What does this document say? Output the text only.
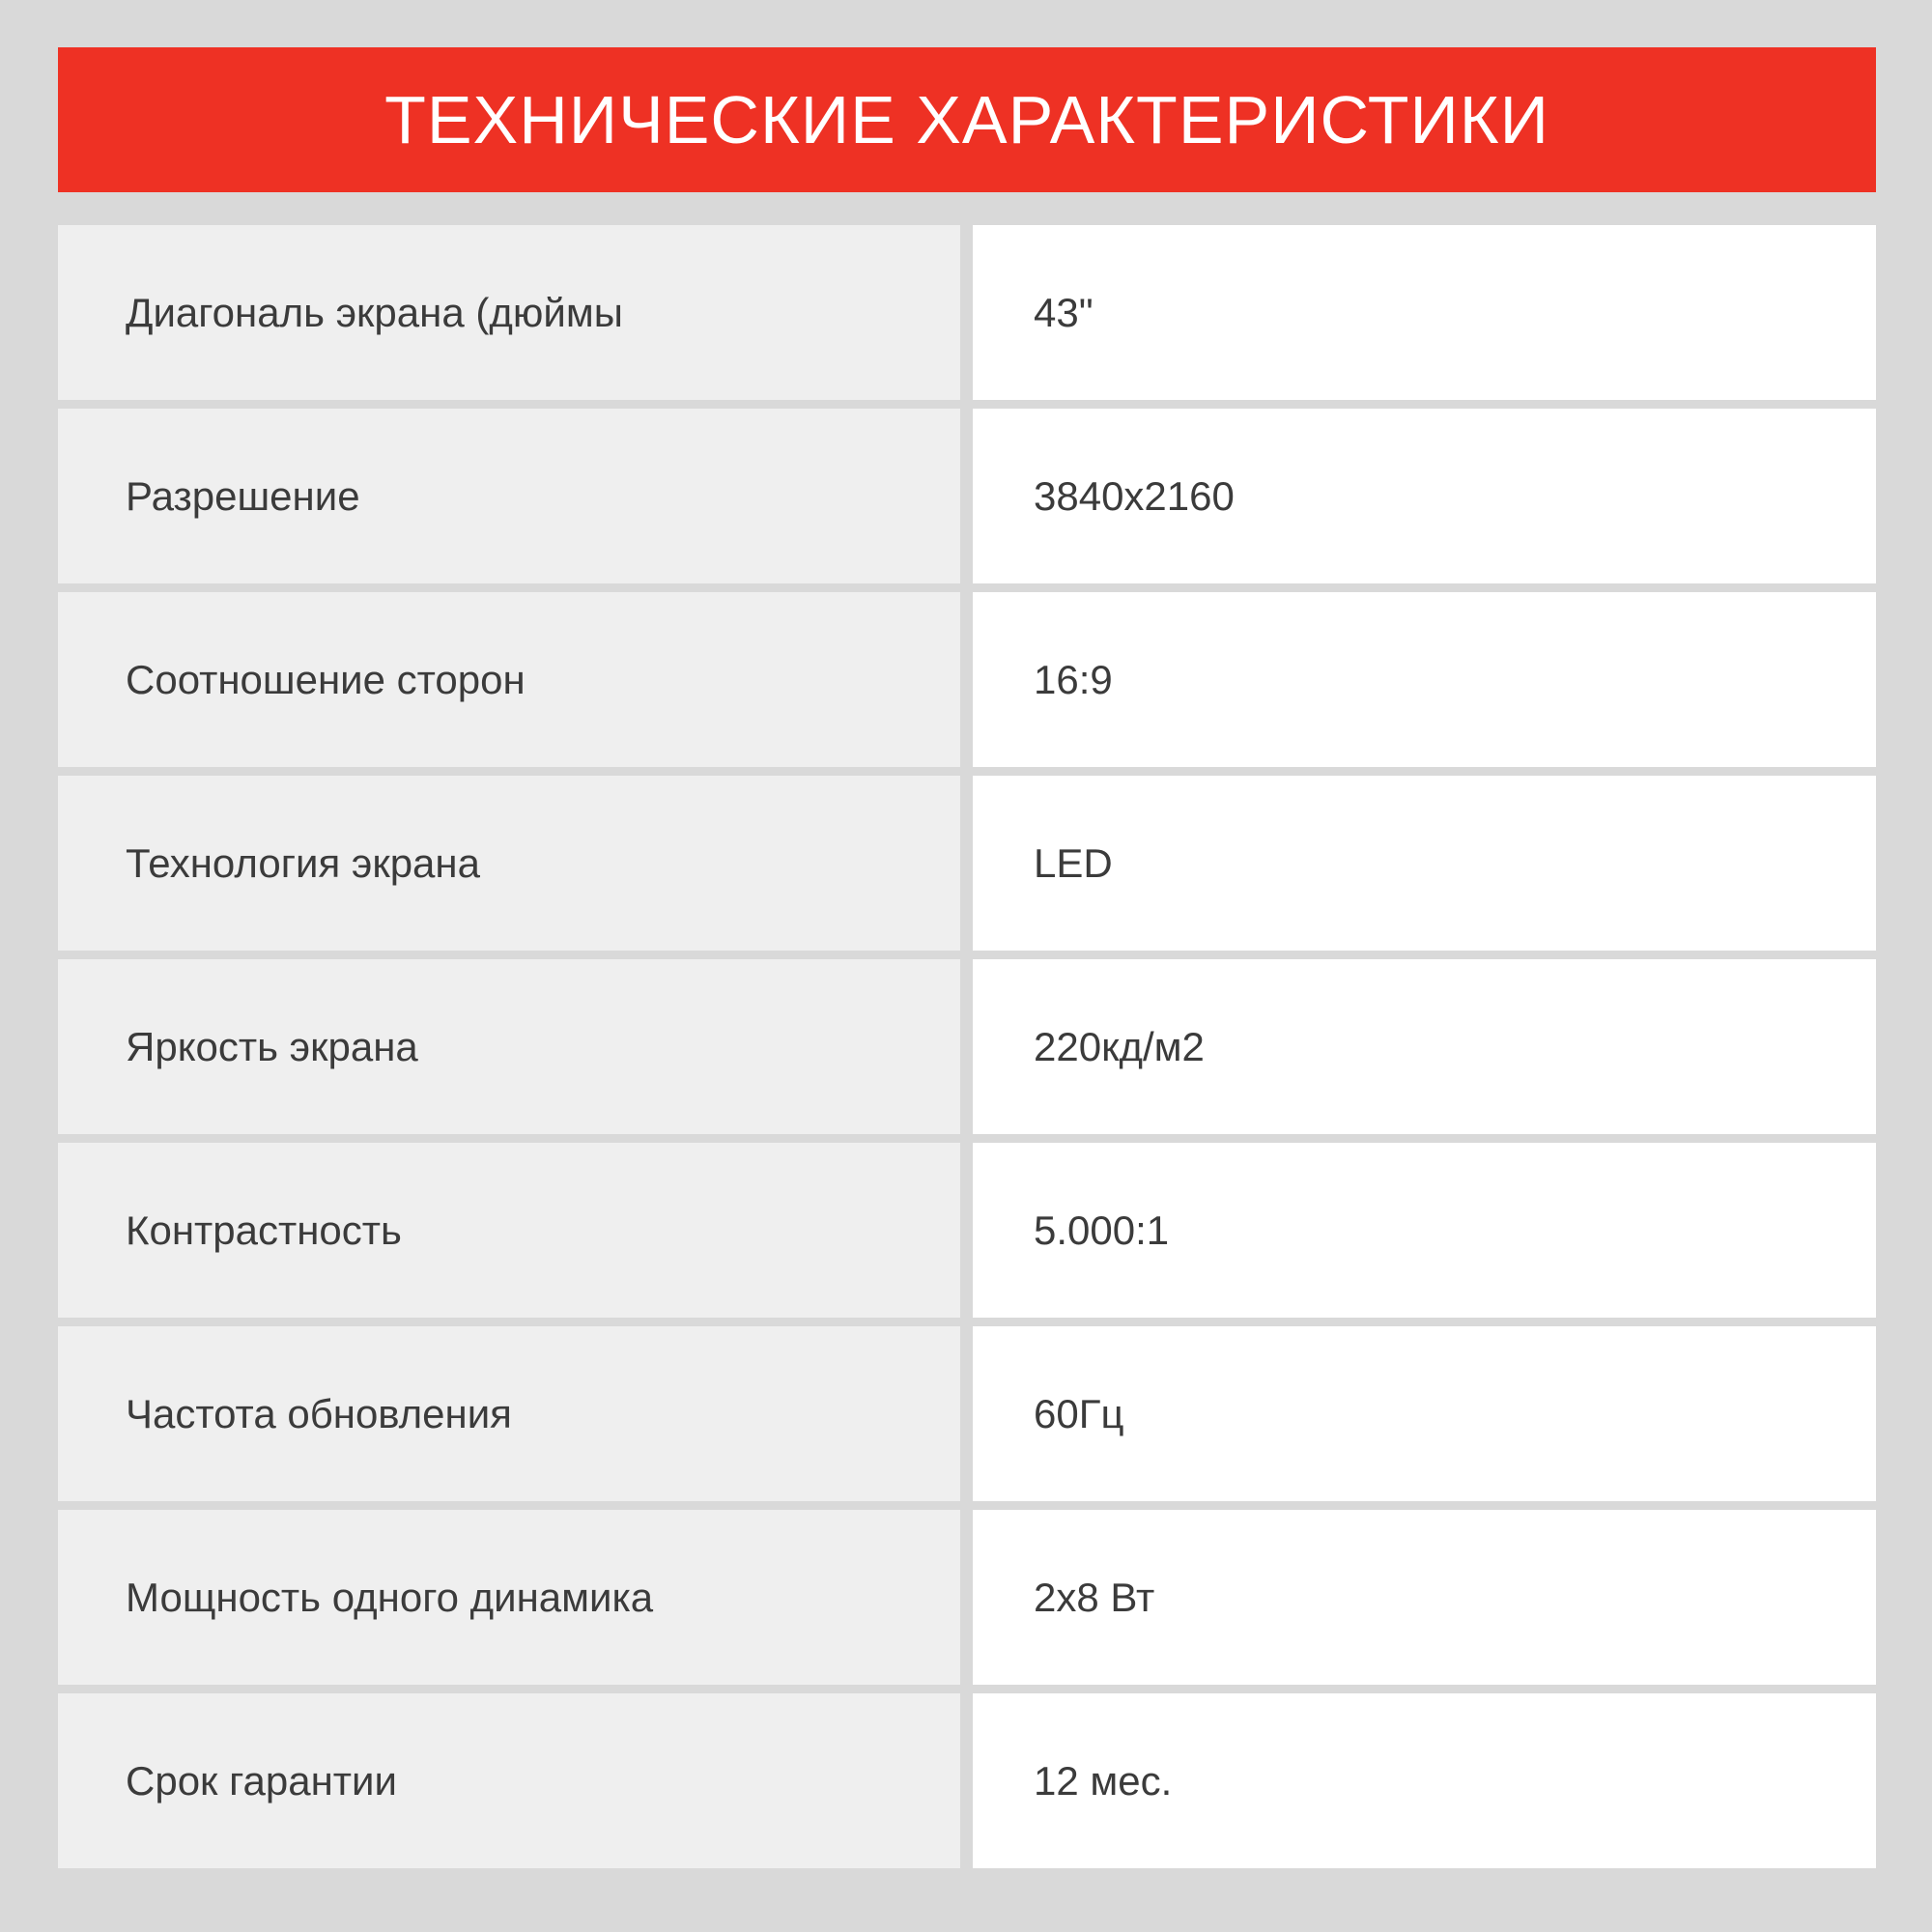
ТЕХНИЧЕСКИЕ ХАРАКТЕРИСТИКИ
Диагональ экрана (дюймы	43"
Разрешение	3840x2160
Соотношение сторон	16:9
Технология экрана	LED
Яркость экрана	220кд/м2
Контрастность	5.000:1
Частота обновления	60Гц
Мощность одного динамика	2x8 Вт
Срок гарантии	12 мес.
